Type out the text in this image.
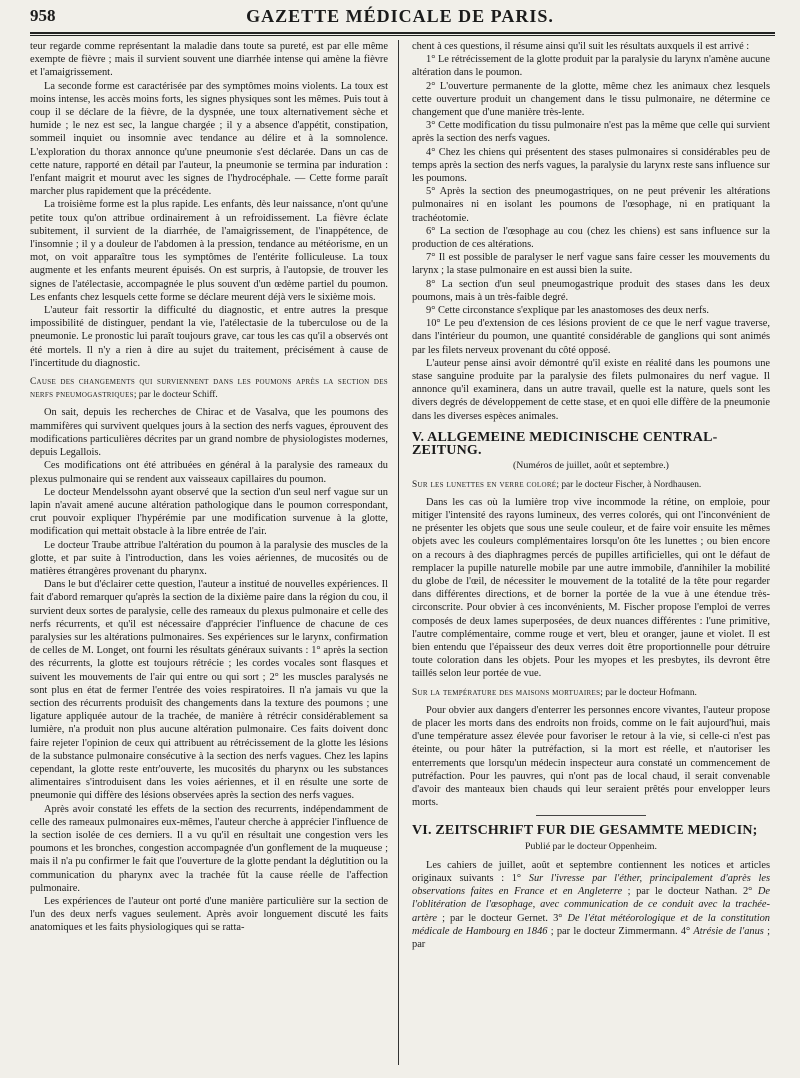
958	GAZETTE MÉDICALE DE PARIS.

teur regarde comme représentant la maladie dans toute sa pureté, est par elle même exempte de fièvre ; mais il survient souvent une diarrhée intense qui amène la fièvre et l'amaigrissement.

La seconde forme est caractérisée par des symptômes moins violents. La toux est moins intense, les accès moins forts, les signes physiques sont les mêmes. Puis tout à coup il se déclare de la fièvre, de la dyspnée, une toux alternativement sèche et humide ; le nez est sec, la langue chargée ; il y a absence d'appétit, constipation, sommeil inquiet ou insomnie avec tendance au délire et à la somnolence. L'exploration du thorax annonce qu'une pneumonie s'est déclarée. Dans un cas de cette nature, rapporté en détail par l'auteur, la pneumonie se termina par induration : l'enfant maigrit et mourut avec les signes de l'hydrocéphale. — Cette forme paraît marcher plus rapidement que la précédente.

La troisième forme est la plus rapide. Les enfants, dès leur naissance, n'ont qu'une petite toux qu'on attribue ordinairement à un refroidissement. La fièvre éclate subitement, il survient de la diarrhée, de l'amaigrissement, de l'inappétence, de l'insomnie ; il y a douleur de l'abdomen à la pression, tendance au météorisme, en un mot, on voit apparaître tous les symptômes de l'entérite folliculeuse. La toux augmente et les enfants meurent épuisés. On est surpris, à l'autopsie, de trouver les signes de l'atélectasie, accompagnée le plus souvent d'un œdème partiel du poumon. Les enfants chez lesquels cette forme se déclare meurent déjà vers le sixième mois.

L'auteur fait ressortir la difficulté du diagnostic, et entre autres la presque impossibilité de distinguer, pendant la vie, l'atélectasie de la tuberculose ou de la pneumonie. Le pronostic lui paraît toujours grave, car tous les cas qu'il a observés ont été mortels. Il n'y a rien à dire au sujet du traitement, précisément à cause de l'incertitude du diagnostic.

Cause des changements qui surviennent dans les poumons après la section des nerfs pneumogastriques; par le docteur Schiff.

On sait, depuis les recherches de Chirac et de Vasalva, que les poumons des mammifères qui survivent quelques jours à la section des nerfs vagues, éprouvent des modifications particulières décrites par un grand nombre de physiologistes modernes, depuis Legallois.

Ces modifications ont été attribuées en général à la paralysie des rameaux du plexus pulmonaire qui se rendent aux vaisseaux capillaires du poumon.

Le docteur Mendelssohn ayant observé que la section d'un seul nerf vague sur un lapin n'avait amené aucune altération pathologique dans le poumon correspondant, crut pouvoir expliquer l'hypérémie par une modification survenue à la glotte, modification qui mettait obstacle à la libre entrée de l'air.

Le docteur Traube attribue l'altération du poumon à la paralysie des muscles de la glotte, et par suite à l'introduction, dans les voies aériennes, de mucosités ou de matières étrangères provenant du pharynx.

Dans le but d'éclairer cette question, l'auteur a institué de nouvelles expériences. Il fait d'abord remarquer qu'après la section de la dixième paire dans la région du cou, il survient deux sortes de paralysie, celle des rameaux du plexus pulmonaire et celle des nerfs récurrents, et qu'il est nécessaire d'apprécier l'influence de chacune de ces paralysies sur les altérations pulmonaires. Ses expériences sur le larynx, confirmation de celles de M. Longet, ont fourni les résultats généraux suivants : 1° après la section des récurrents, la glotte est toujours rétrécie ; les cordes vocales sont flasques et suivent les mouvements de l'air qui entre ou qui sort ; 2° les muscles paralysés ne sont plus en état de fermer l'entrée des voies respiratoires. Il n'a jamais vu que la section des récurrents produisît des changements dans la texture des poumons ; une ligature appliquée autour de la trachée, de manière à rétrécir considérablement sa lumière, n'a produit non plus aucune altération pulmonaire. Ces faits doivent donc faire rejeter l'opinion de ceux qui attribuent au rétrécissement de la glotte les lésions de la substance pulmonaire consécutive à la section des nerfs vagues. Chez les lapins cependant, la glotte reste entr'ouverte, les mucosités du pharynx ou les substances alimentaires s'introduisent dans les voies aériennes, et il en résulte une sorte de pneumonie qui diffère des lésions observées après la section des nerfs vagues.

Après avoir constaté les effets de la section des recurrents, indépendamment de celle des rameaux pulmonaires eux-mêmes, l'auteur cherche à apprécier l'influence de la section isolée de ces derniers. Il a vu qu'il en résultait une congestion vers les poumons et les bronches, congestion accompagnée d'un gonflement de la muqueuse ; mais il n'a pu confirmer le fait que l'ouverture de la glotte pendant la déglutition ou la communication du pharynx avec la trachée fût la cause réelle de l'affection pulmonaire.

Les expériences de l'auteur ont porté d'une manière particulière sur la section de l'un des deux nerfs vagues seulement. Après avoir longuement discuté les faits anatomiques et les faits physiologiques qui se ratta-

chent à ces questions, il résume ainsi qu'il suit les résultats auxquels il est arrivé :

1° Le rétrécissement de la glotte produit par la paralysie du larynx n'amène aucune altération dans le poumon.

2° L'ouverture permanente de la glotte, même chez les animaux chez lesquels cette ouverture produit un changement dans le tissu pulmonaire, ne détermine ce changement que d'une manière très-lente.

3° Cette modification du tissu pulmonaire n'est pas la même que celle qui survient après la section des nerfs vagues.

4° Chez les chiens qui présentent des stases pulmonaires si considérables peu de temps après la section des nerfs vagues, la paralysie du larynx reste sans influence sur les poumons.

5° Après la section des pneumogastriques, on ne peut prévenir les altérations pulmonaires ni en isolant les poumons de l'œsophage, ni en pratiquant la trachéotomie.

6° La section de l'œsophage au cou (chez les chiens) est sans influence sur la production de ces altérations.

7° Il est possible de paralyser le nerf vague sans faire cesser les mouvements du larynx ; la stase pulmonaire en est aussi bien la suite.

8° La section d'un seul pneumogastrique produit des stases dans les deux poumons, mais à un très-faible degré.

9° Cette circonstance s'explique par les anastomoses des deux nerfs.

10° Le peu d'extension de ces lésions provient de ce que le nerf vague traverse, dans l'intérieur du poumon, une quantité considérable de ganglions qui sont animés par les filets nerveux provenant du côté opposé.

L'auteur pense ainsi avoir démontré qu'il existe en réalité dans les poumons une stase sanguine produite par la paralysie des filets pulmonaires du nerf vague. Il annonce qu'il examinera, dans un autre travail, quelle est la nature, quels sont les divers degrés de développement de cette stase, et en quoi elle diffère de la pneumonie dans les diverses espèces animales.

V. ALLGEMEINE MEDICINISCHE CENTRAL-ZEITUNG.

(Numéros de juillet, août et septembre.)

Sur les lunettes en verre coloré; par le docteur Fischer, à Nordhausen.

Dans les cas où la lumière trop vive incommode la rétine, on emploie, pour mitiger l'intensité des rayons lumineux, des verres colorés, qui ont l'inconvénient de ne présenter les objets que sous une seule couleur, et de faire voir ensuite les mêmes objets avec les couleurs complémentaires lorsqu'on ôte les lunettes ; ou bien encore on a recours à des diaphragmes percés de pupilles artificielles, qui ont le défaut de remplacer la pupille naturelle mobile par une autre immobile, d'annihiler la mobilité du globe de l'œil, de nécessiter le mouvement de la totalité de la tête pour regarder dans différentes directions, et de borner la portée de la vue à une étendue très-circonscrite. Pour obvier à ces inconvénients, M. Fischer propose l'emploi de verres composés de deux lames superposées, de deux nuances différentes : l'une primitive, l'autre complémentaire, comme rouge et vert, bleu et oranger, jaune et violet. Il est bien entendu que l'épaisseur des deux verres doit être proportionnelle pour détruire toute coloration dans les objets. Pour les myopes et les presbytes, ils devront être taillés selon leur portée de vue.

Sur la température des maisons mortuaires; par le docteur Hofmann.

Pour obvier aux dangers d'enterrer les personnes encore vivantes, l'auteur propose de placer les morts dans des endroits non froids, comme on le fait aujourd'hui, mais d'une température assez élevée pour favoriser le retour à la vie, si celle-ci n'est pas éteinte, ou pour hâter la putréfaction, si la mort est réelle, et n'autoriser les enterrements que lorsqu'un médecin inspecteur aura constaté un commencement de putréfaction. Pour les pauvres, qui n'ont pas de local chaud, il serait convenable d'avoir des manteaux bien chauds qui leur seraient prêtés pour envelopper leurs morts.

VI. ZEITSCHRIFT FUR DIE GESAMMTE MEDICIN;

Publié par le docteur Oppenheim.

Les cahiers de juillet, août et septembre contiennent les notices et articles originaux suivants : 1° Sur l'ivresse par l'éther, principalement d'après les observations faites en France et en Angleterre ; par le docteur Nathan. 2° De l'oblitération de l'œsophage, avec communication de ce conduit avec la trachée-artère ; par le docteur Gernet. 3° De l'état météorologique et de la constitution médicale de Hambourg en 1846 ; par le docteur Zimmermann. 4° Atrésie de l'anus ; par
